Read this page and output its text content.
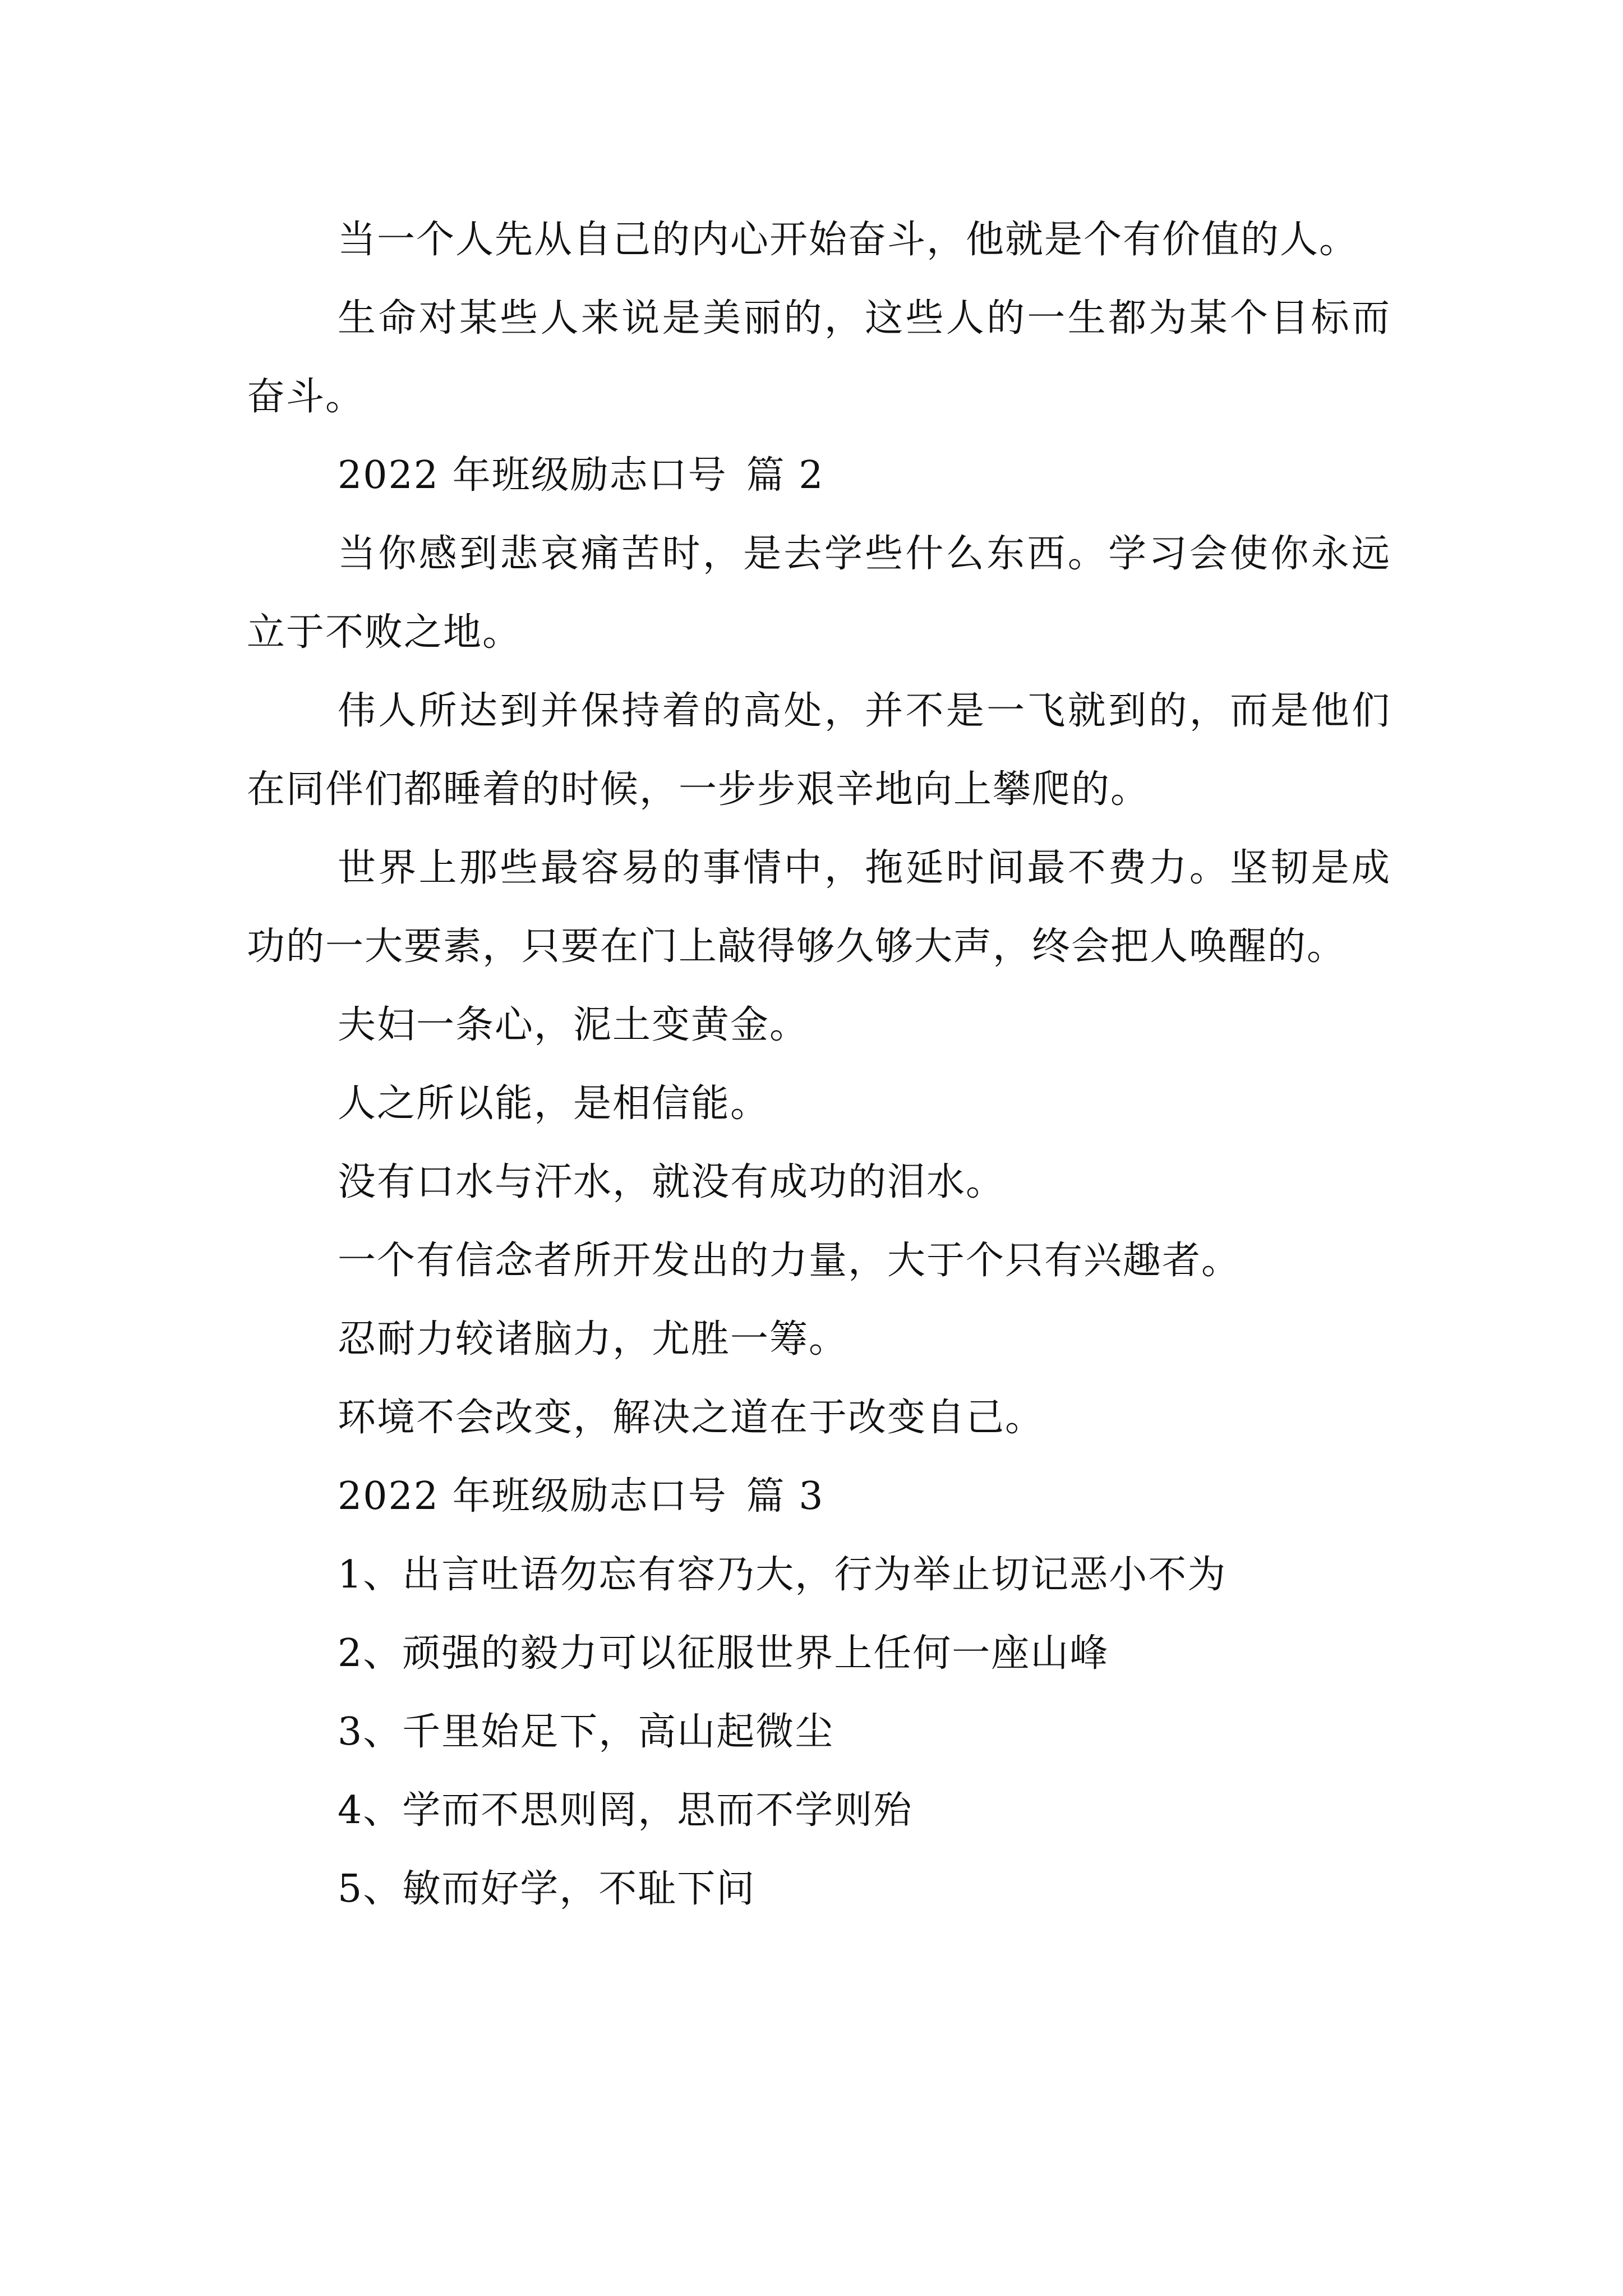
当一个人先从自己的内心开始奋斗，他就是个有价值的人。

生命对某些人来说是美丽的，这些人的一生都为某个目标而奋斗。

2022 年班级励志口号 篇 2

当你感到悲哀痛苦时，是去学些什么东西。学习会使你永远立于不败之地。

伟人所达到并保持着的高处，并不是一飞就到的，而是他们在同伴们都睡着的时候，一步步艰辛地向上攀爬的。

世界上那些最容易的事情中，拖延时间最不费力。坚韧是成功的一大要素，只要在门上敲得够久够大声，终会把人唤醒的。

夫妇一条心，泥土变黄金。

人之所以能，是相信能。

没有口水与汗水，就没有成功的泪水。

一个有信念者所开发出的力量，大于个只有兴趣者。

忍耐力较诸脑力，尤胜一筹。

环境不会改变，解决之道在于改变自己。

2022 年班级励志口号 篇 3

1、出言吐语勿忘有容乃大，行为举止切记恶小不为

2、顽强的毅力可以征服世界上任何一座山峰

3、千里始足下，高山起微尘

4、学而不思则罔，思而不学则殆

5、敏而好学，不耻下问
